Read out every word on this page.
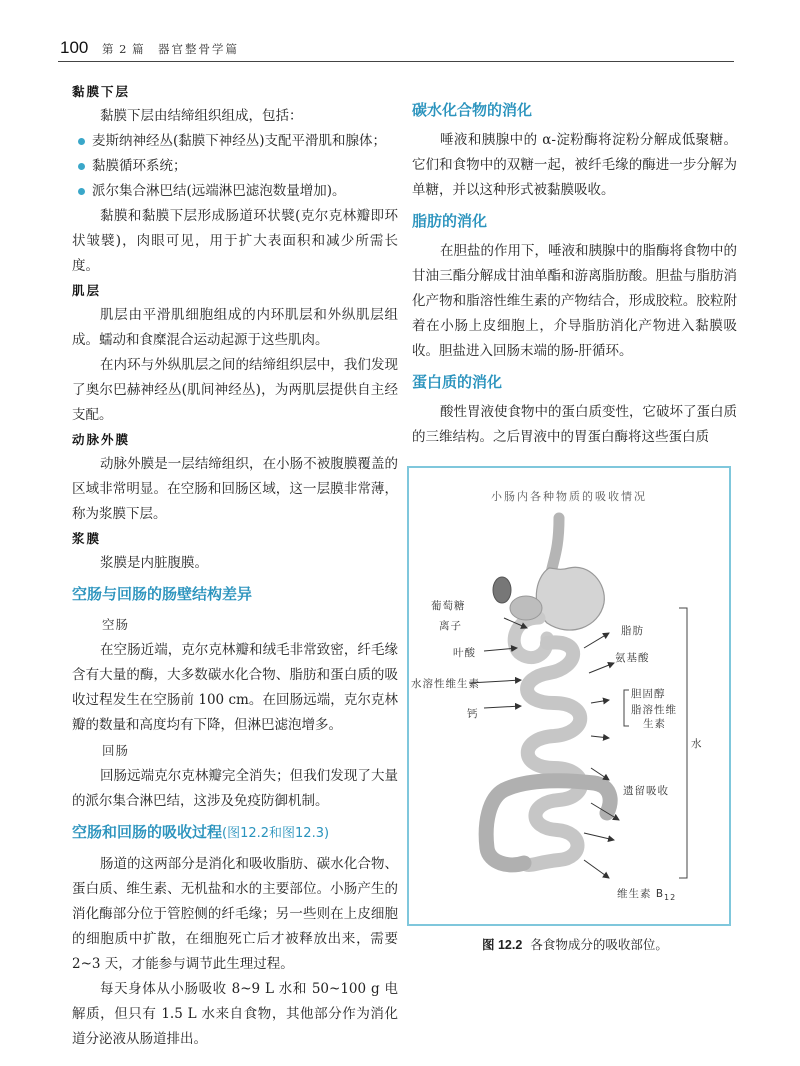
100 第 2 篇 器官整骨学篇
黏膜下层

黏膜下层由结缔组织组成，包括：

麦斯纳神经丛(黏膜下神经丛)支配平滑肌和腺体；
黏膜循环系统；
派尔集合淋巴结(远端淋巴滤泡数量增加)。

黏膜和黏膜下层形成肠道环状襞(克尔克林瓣即环状皱襞)，肉眼可见，用于扩大表面积和减少所需长度。

肌层

肌层由平滑肌细胞组成的内环肌层和外纵肌层组成。蠕动和食糜混合运动起源于这些肌肉。

在内环与外纵肌层之间的结缔组织层中，我们发现了奥尔巴赫神经丛(肌间神经丛)，为两肌层提供自主经支配。

动脉外膜

动脉外膜是一层结缔组织，在小肠不被腹膜覆盖的区域非常明显。在空肠和回肠区域，这一层膜非常薄，称为浆膜下层。

浆膜

浆膜是内脏腹膜。

空肠与回肠的肠壁结构差异
空肠

在空肠近端，克尔克林瓣和绒毛非常致密，纤毛缘含有大量的酶，大多数碳水化合物、脂肪和蛋白质的吸收过程发生在空肠前 100 cm。在回肠远端，克尔克林瓣的数量和高度均有下降，但淋巴滤泡增多。

回肠

回肠远端克尔克林瓣完全消失；但我们发现了大量的派尔集合淋巴结，这涉及免疫防御机制。

空肠和回肠的吸收过程(图12.2和图12.3)

肠道的这两部分是消化和吸收脂肪、碳水化合物、蛋白质、维生素、无机盐和水的主要部位。小肠产生的消化酶部分位于管腔侧的纤毛缘；另一些则在上皮细胞的细胞质中扩散，在细胞死亡后才被释放出来，需要 2~3 天，才能参与调节此生理过程。

每天身体从小肠吸收 8~9 L 水和 50~100 g 电解质，但只有 1.5 L 水来自食物，其他部分作为消化道分泌液从肠道排出。

碳水化合物的消化

唾液和胰腺中的 α-淀粉酶将淀粉分解成低聚糖。它们和食物中的双糖一起，被纤毛缘的酶进一步分解为单糖，并以这种形式被黏膜吸收。

脂肪的消化

在胆盐的作用下，唾液和胰腺中的脂酶将食物中的甘油三酯分解成甘油单酯和游离脂肪酸。胆盐与脂肪消化产物和脂溶性维生素的产物结合，形成胶粒。胶粒附着在小肠上皮细胞上，介导脂肪消化产物进入黏膜吸收。胆盐进入回肠末端的肠-肝循环。

蛋白质的消化

酸性胃液使食物中的蛋白质变性，它破坏了蛋白质的三维结构。之后胃液中的胃蛋白酶将这些蛋白质

小肠内各种物质的吸收情况
葡萄糖
离子
叶酸
水溶性维生素
钙
脂肪
氨基酸
胆固醇
脂溶性维
生素
水
遗留吸收
维生素 $B_{12}$
图 12.2 各食物成分的吸收部位。
